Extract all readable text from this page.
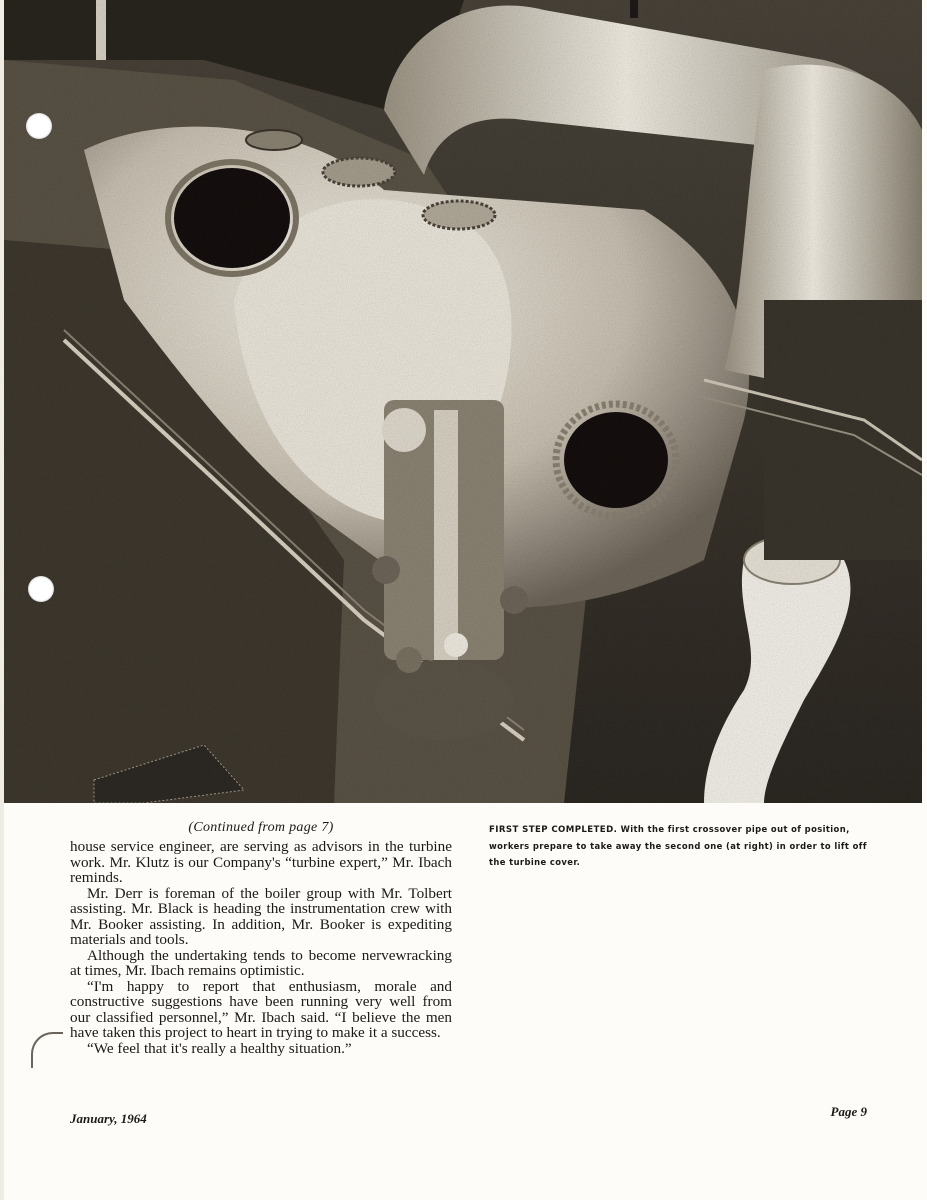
(Continued from page 7)

house service engineer, are serving as advisors in the turbine work. Mr. Klutz is our Company's “turbine expert,” Mr. Ibach reminds.

Mr. Derr is foreman of the boiler group with Mr. Tolbert assisting. Mr. Black is heading the instrumentation crew with Mr. Booker assisting. In addition, Mr. Booker is expediting materials and tools.

Although the undertaking tends to become nervewracking at times, Mr. Ibach remains optimistic.

“I'm happy to report that enthusiasm, morale and constructive suggestions have been running very well from our classified personnel,” Mr. Ibach said. “I believe the men have taken this project to heart in trying to make it a success.

“We feel that it's really a healthy situation.”

FIRST STEP COMPLETED. With the first crossover pipe out of position, workers prepare to take away the second one (at right) in order to lift off the turbine cover.

January, 1964	Page 9
